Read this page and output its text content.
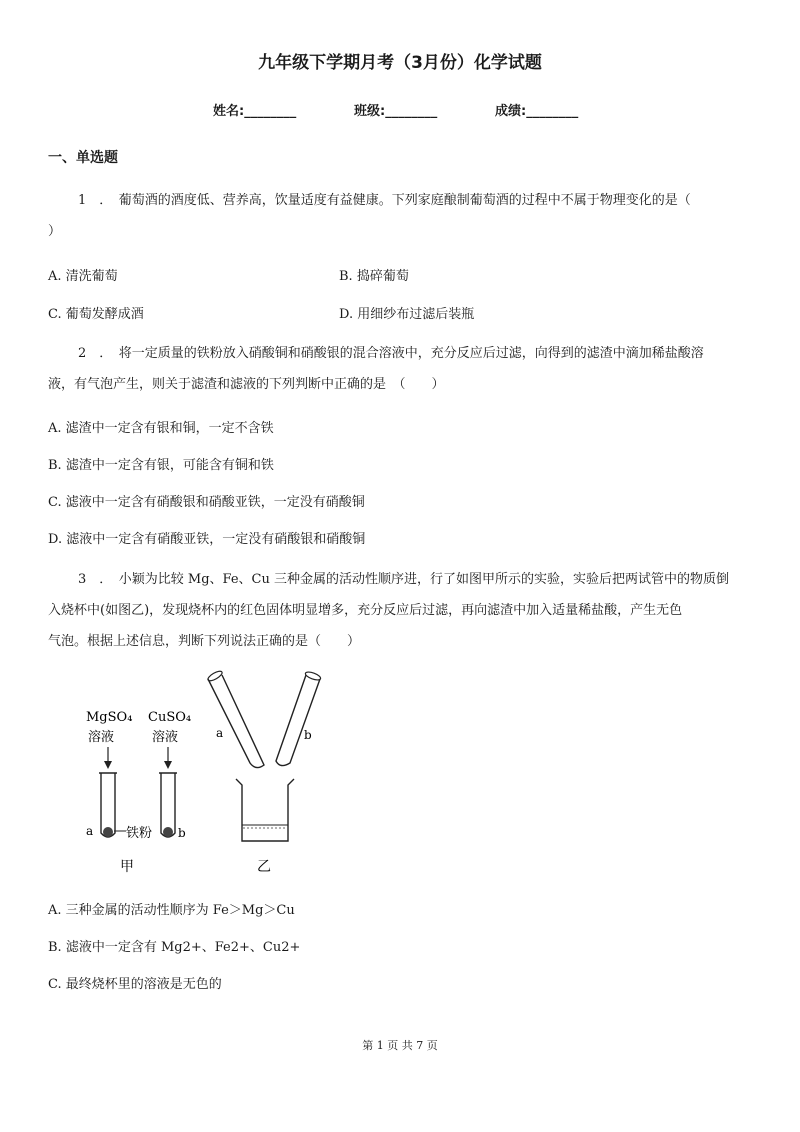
九年级下学期月考（3月份）化学试题
姓名:________	班级:________	成绩:________
一、单选题
1　．　葡萄酒的酒度低、营养高，饮量适度有益健康。下列家庭酿制葡萄酒的过程中不属于物理变化的是（
）
A. 清洗葡萄	B. 捣碎葡萄
C. 葡萄发酵成酒	D. 用细纱布过滤后装瓶
2　．　将一定质量的铁粉放入硝酸铜和硝酸银的混合溶液中，充分反应后过滤，向得到的滤渣中滴加稀盐酸溶
液，有气泡产生，则关于滤渣和滤液的下列判断中正确的是　（　　）
A. 滤渣中一定含有银和铜，一定不含铁
B. 滤渣中一定含有银，可能含有铜和铁
C. 滤液中一定含有硝酸银和硝酸亚铁，一定没有硝酸铜
D. 滤液中一定含有硝酸亚铁，一定没有硝酸银和硝酸铜
3　．　小颖为比较 Mg、Fe、Cu 三种金属的活动性顺序进，行了如图甲所示的实验，实验后把两试管中的物质倒
入烧杯中(如图乙)，发现烧杯内的红色固体明显增多，充分反应后过滤，再向滤渣中加入适量稀盐酸，产生无色
气泡。根据上述信息，判断下列说法正确的是（　　）
MgSO₄
溶液
CuSO₄
溶液
a	b
铁粉
甲
a	b
乙
A. 三种金属的活动性顺序为 Fe＞Mg＞Cu
B. 滤液中一定含有 Mg2+、Fe2+、Cu2+
C. 最终烧杯里的溶液是无色的
第 1 页 共 7 页
